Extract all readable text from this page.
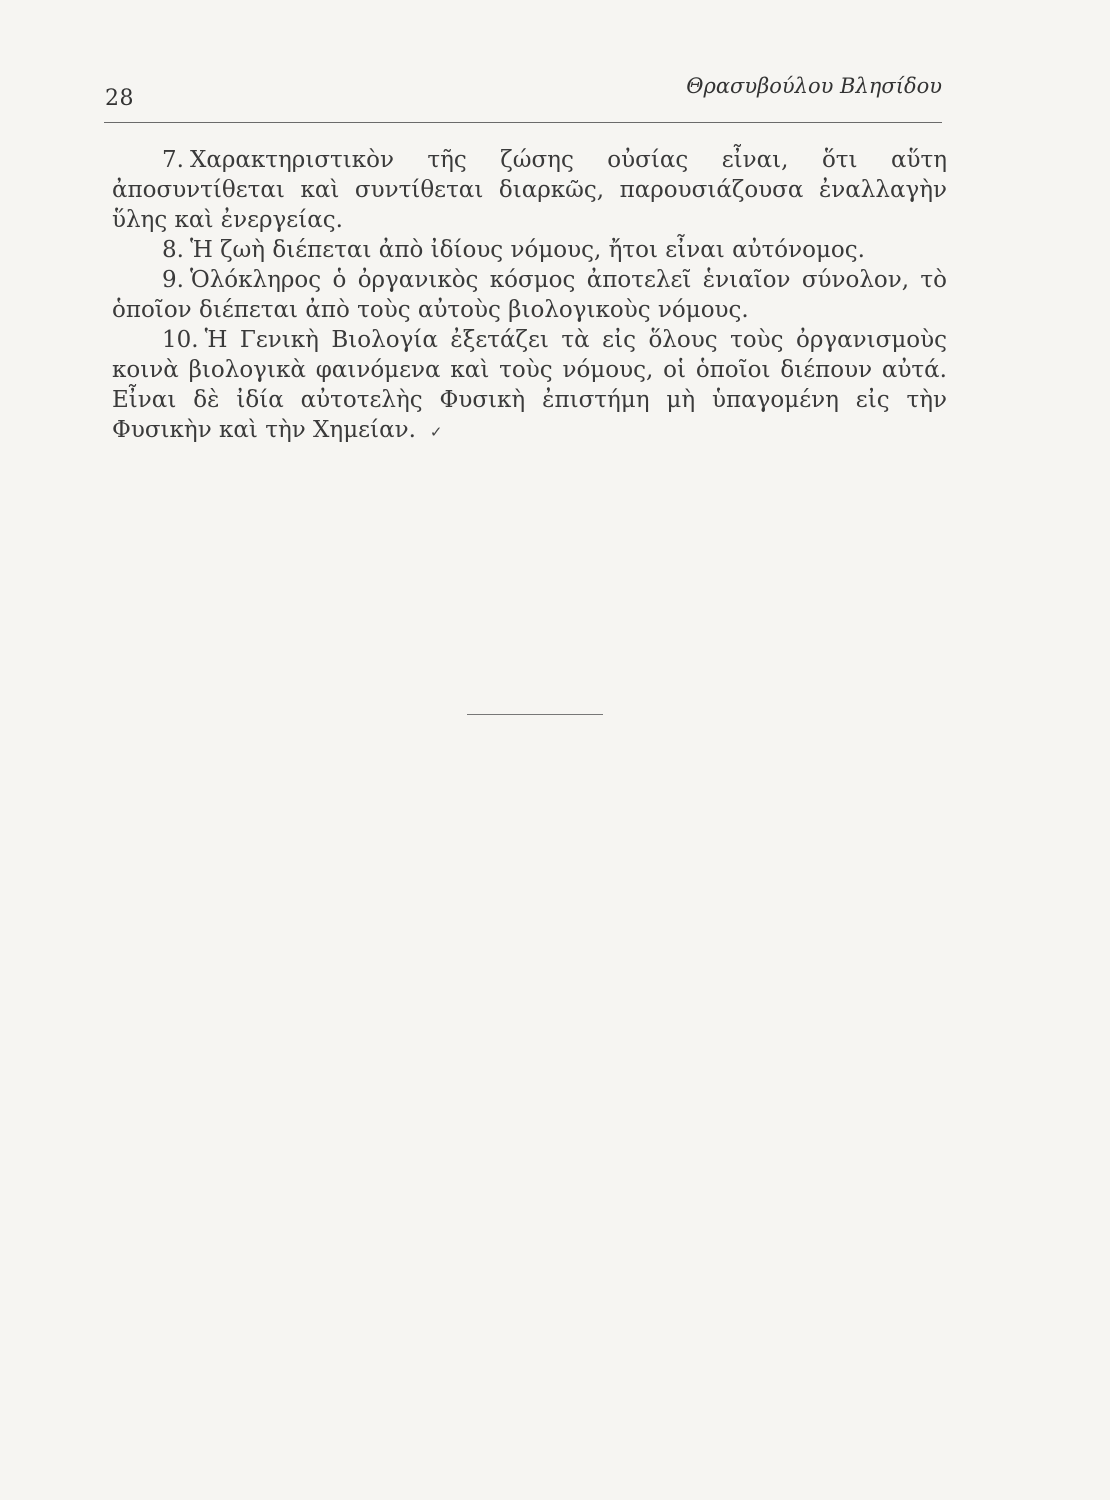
28	Θρασυβούλου Βλησίδου

7. Χαρακτηριστικὸν τῆς ζώσης οὐσίας εἶναι, ὅτι αὕτη ἀποσυντίθεται καὶ συντίθεται διαρκῶς, παρουσιάζουσα ἐναλλαγὴν ὕλης καὶ ἐνεργείας.

8. Ἡ ζωὴ διέπεται ἀπὸ ἰδίους νόμους, ἤτοι εἶναι αὐτόνομος.

9. Ὁλόκληρος ὁ ὀργανικὸς κόσμος ἀποτελεῖ ἑνιαῖον σύνολον, τὸ ὁποῖον διέπεται ἀπὸ τοὺς αὐτοὺς βιολογικοὺς νόμους.

10. Ἡ Γενικὴ Βιολογία ἐξετάζει τὰ εἰς ὅλους τοὺς ὀργανισμοὺς κοινὰ βιολογικὰ φαινόμενα καὶ τοὺς νόμους, οἱ ὁποῖοι διέπουν αὐτά. Εἶναι δὲ ἰδία αὐτοτελὴς Φυσικὴ ἐπιστήμη μὴ ὑπαγομένη εἰς τὴν Φυσικὴν καὶ τὴν Χημείαν. ✓
